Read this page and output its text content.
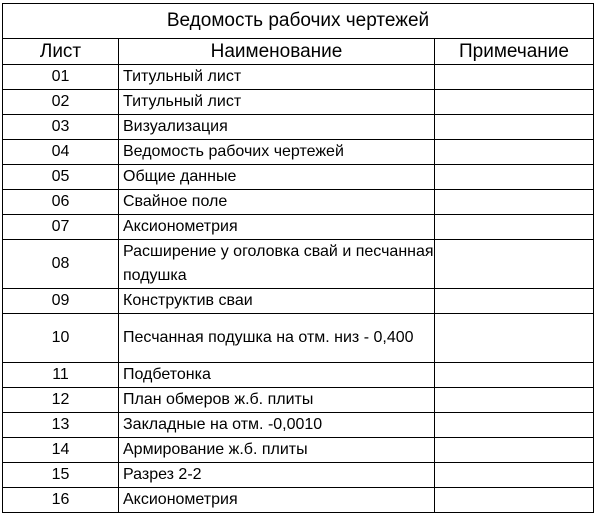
Ведомость рабочих чертежей		
Лист	Наименование	Примечание
01	Титульный лист	
02	Титульный лист	
03	Визуализация	
04	Ведомость рабочих чертежей	
05	Общие данные	
06	Свайное поле	
07	Аксионометрия	
08	Расширение у оголовка свай и песчанная подушка	
09	Конструктив сваи	
10	Песчанная подушка на отм. низ - 0,400	
11	Подбетонка	
12	План обмеров ж.б. плиты	
13	Закладные на отм. -0,0010	
14	Армирование ж.б. плиты	
15	Разрез 2-2	
16	Аксионометрия	
